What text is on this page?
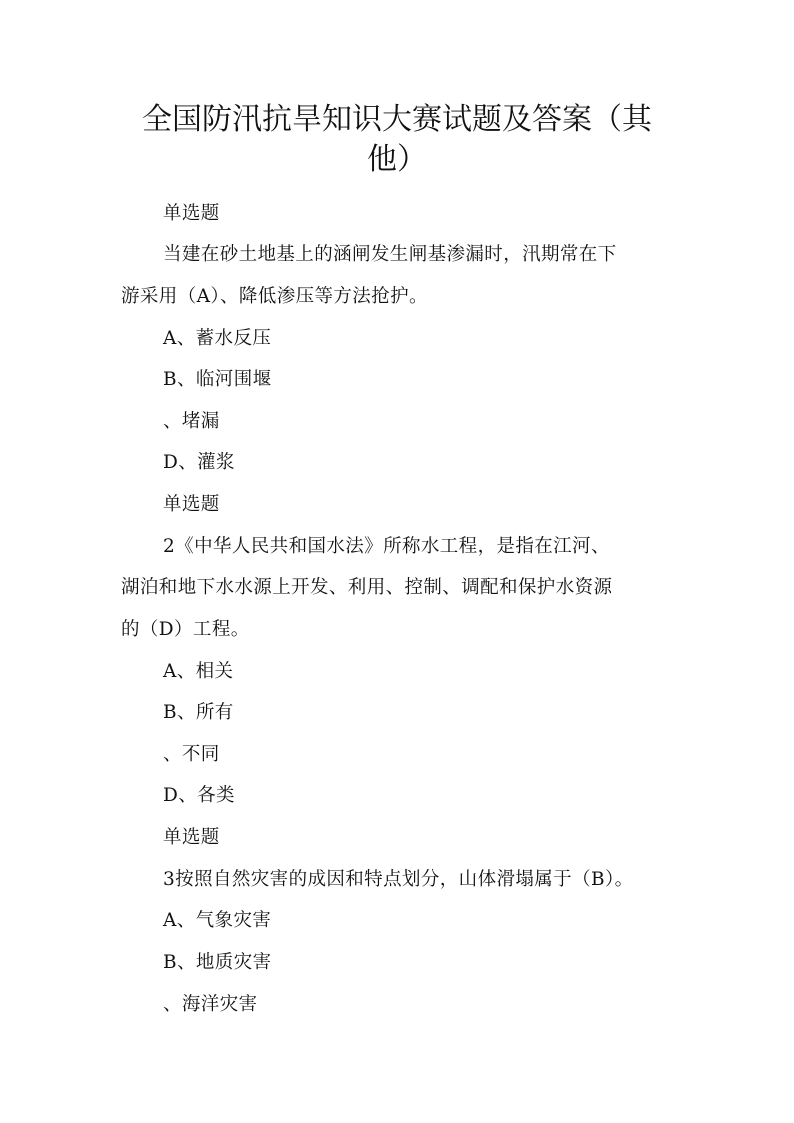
全国防汛抗旱知识大赛试题及答案（其
他）
单选题
当建在砂土地基上的涵闸发生闸基渗漏时，汛期常在下
游采用（A）、降低渗压等方法抢护。
A、蓄水反压
B、临河围堰
、堵漏
D、灌浆
单选题
2《中华人民共和国水法》所称水工程，是指在江河、
湖泊和地下水水源上开发、利用、控制、调配和保护水资源
的（D）工程。
A、相关
B、所有
、不同
D、各类
单选题
3按照自然灾害的成因和特点划分，山体滑塌属于（B）。
A、气象灾害
B、地质灾害
、海洋灾害
